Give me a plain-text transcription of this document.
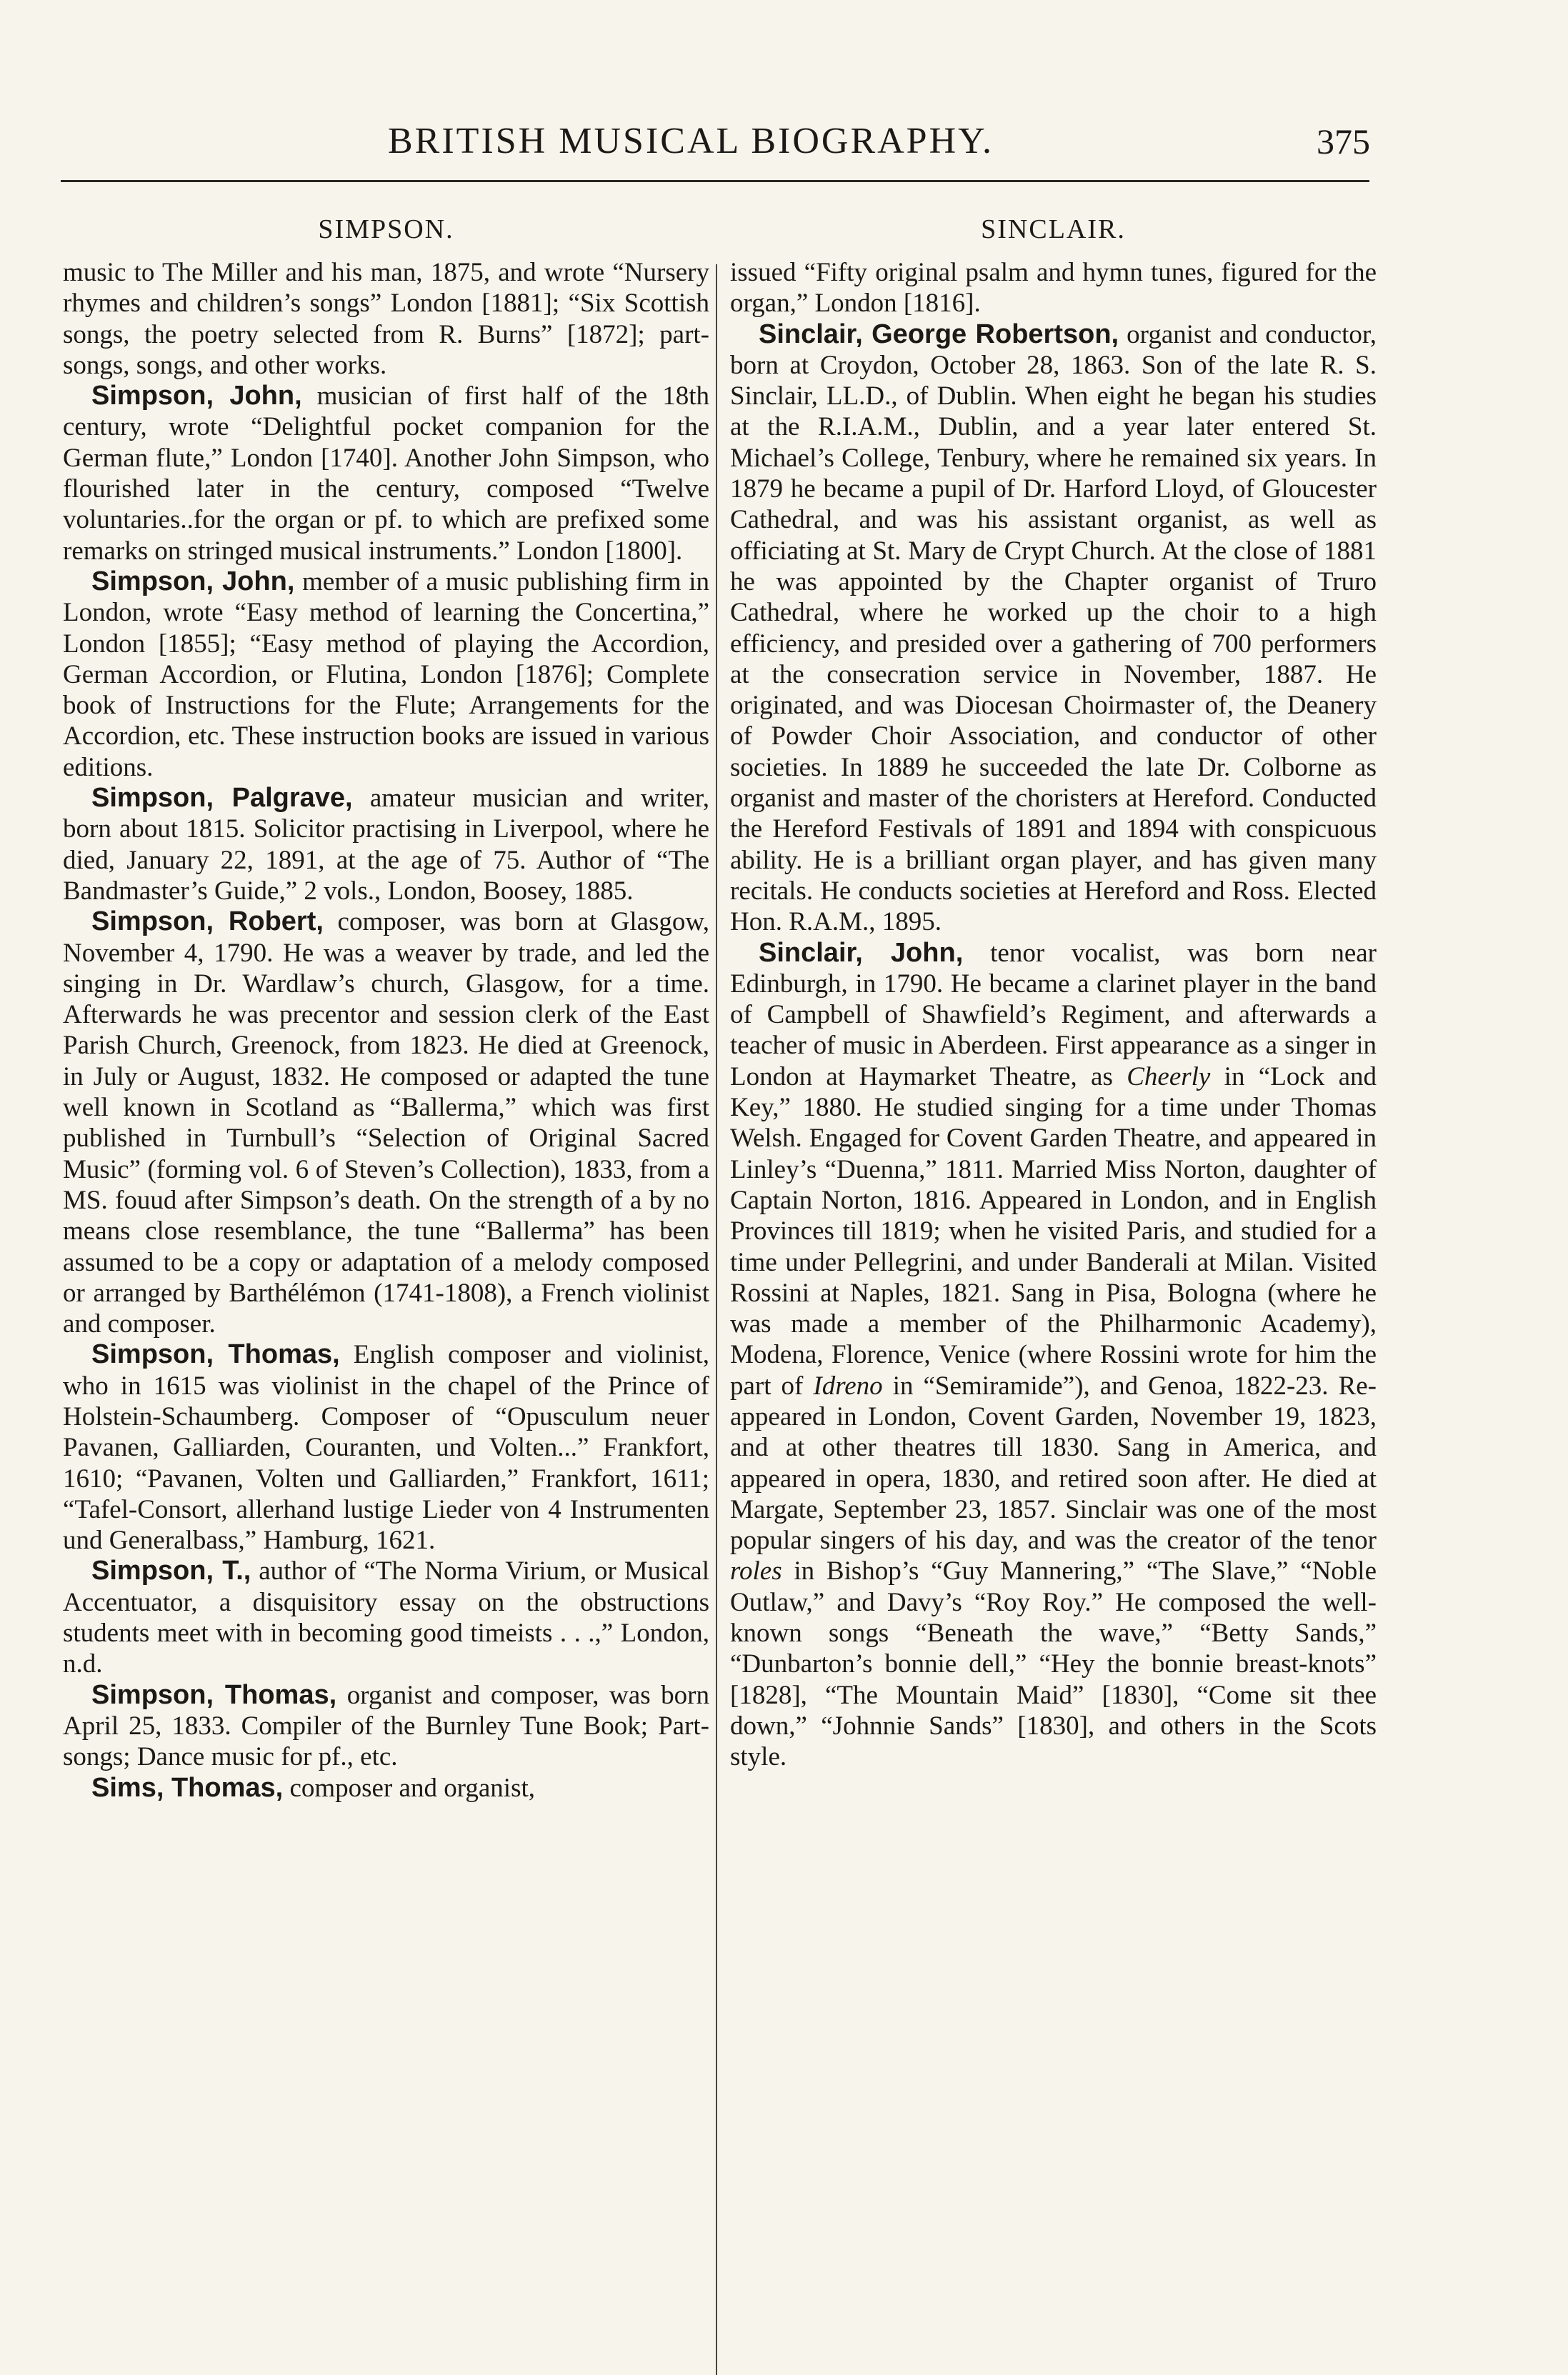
BRITISH MUSICAL BIOGRAPHY.	375
SIMPSON.

music to The Miller and his man, 1875, and wrote “Nursery rhymes and children’s songs” London [1881]; “Six Scottish songs, the poetry selected from R. Burns” [1872]; part-songs, songs, and other works.

Simpson, John, musician of first half of the 18th century, wrote “Delightful pocket companion for the German flute,” London [1740]. Another John Simpson, who flourished later in the century, composed “Twelve voluntaries..for the organ or pf. to which are prefixed some remarks on stringed musical instruments.” London [1800].

Simpson, John, member of a music publishing firm in London, wrote “Easy method of learning the Concertina,” London [1855]; “Easy method of playing the Accordion, German Accordion, or Flutina, London [1876]; Complete book of Instructions for the Flute; Arrangements for the Accordion, etc. These instruction books are issued in various editions.

Simpson, Palgrave, amateur musician and writer, born about 1815. Solicitor practising in Liverpool, where he died, January 22, 1891, at the age of 75. Author of “The Bandmaster’s Guide,” 2 vols., London, Boosey, 1885.

Simpson, Robert, composer, was born at Glasgow, November 4, 1790. He was a weaver by trade, and led the singing in Dr. Wardlaw’s church, Glasgow, for a time. Afterwards he was precentor and session clerk of the East Parish Church, Greenock, from 1823. He died at Greenock, in July or August, 1832. He composed or adapted the tune well known in Scotland as “Ballerma,” which was first published in Turnbull’s “Selection of Original Sacred Music” (forming vol. 6 of Steven’s Collection), 1833, from a MS. fouud after Simpson’s death. On the strength of a by no means close resemblance, the tune “Ballerma” has been assumed to be a copy or adaptation of a melody composed or arranged by Barthélémon (1741-1808), a French violinist and composer.

Simpson, Thomas, English composer and violinist, who in 1615 was violinist in the chapel of the Prince of Holstein-Schaumberg. Composer of “Opusculum neuer Pavanen, Galliarden, Couranten, und Volten...” Frankfort, 1610; “Pavanen, Volten und Galliarden,” Frankfort, 1611; “Tafel-Consort, allerhand lustige Lieder von 4 Instrumenten und Generalbass,” Hamburg, 1621.

Simpson, T., author of “The Norma Virium, or Musical Accentuator, a disquisitory essay on the obstructions students meet with in becoming good timeists . . .,” London, n.d.

Simpson, Thomas, organist and composer, was born April 25, 1833. Compiler of the Burnley Tune Book; Part-songs; Dance music for pf., etc.

Sims, Thomas, composer and organist,

SINCLAIR.

issued “Fifty original psalm and hymn tunes, figured for the organ,” London [1816].

Sinclair, George Robertson, organist and conductor, born at Croydon, October 28, 1863. Son of the late R. S. Sinclair, LL.D., of Dublin. When eight he began his studies at the R.I.A.M., Dublin, and a year later entered St. Michael’s College, Tenbury, where he remained six years. In 1879 he became a pupil of Dr. Harford Lloyd, of Gloucester Cathedral, and was his assistant organist, as well as officiating at St. Mary de Crypt Church. At the close of 1881 he was appointed by the Chapter organist of Truro Cathedral, where he worked up the choir to a high efficiency, and presided over a gathering of 700 performers at the consecration service in November, 1887. He originated, and was Diocesan Choirmaster of, the Deanery of Powder Choir Association, and conductor of other societies. In 1889 he succeeded the late Dr. Colborne as organist and master of the choristers at Hereford. Conducted the Hereford Festivals of 1891 and 1894 with conspicuous ability. He is a brilliant organ player, and has given many recitals. He conducts societies at Hereford and Ross. Elected Hon. R.A.M., 1895.

Sinclair, John, tenor vocalist, was born near Edinburgh, in 1790. He became a clarinet player in the band of Campbell of Shawfield’s Regiment, and afterwards a teacher of music in Aberdeen. First appearance as a singer in London at Haymarket Theatre, as Cheerly in “Lock and Key,” 1880. He studied singing for a time under Thomas Welsh. Engaged for Covent Garden Theatre, and appeared in Linley’s “Duenna,” 1811. Married Miss Norton, daughter of Captain Norton, 1816. Appeared in London, and in English Provinces till 1819; when he visited Paris, and studied for a time under Pellegrini, and under Banderali at Milan. Visited Rossini at Naples, 1821. Sang in Pisa, Bologna (where he was made a member of the Philharmonic Academy), Modena, Florence, Venice (where Rossini wrote for him the part of Idreno in “Semiramide”), and Genoa, 1822-23. Re-appeared in London, Covent Garden, November 19, 1823, and at other theatres till 1830. Sang in America, and appeared in opera, 1830, and retired soon after. He died at Margate, September 23, 1857. Sinclair was one of the most popular singers of his day, and was the creator of the tenor roles in Bishop’s “Guy Mannering,” “The Slave,” “Noble Outlaw,” and Davy’s “Roy Roy.” He composed the well-known songs “Beneath the wave,” “Betty Sands,” “Dunbarton’s bonnie dell,” “Hey the bonnie breast-knots” [1828], “The Mountain Maid” [1830], “Come sit thee down,” “Johnnie Sands” [1830], and others in the Scots style.
